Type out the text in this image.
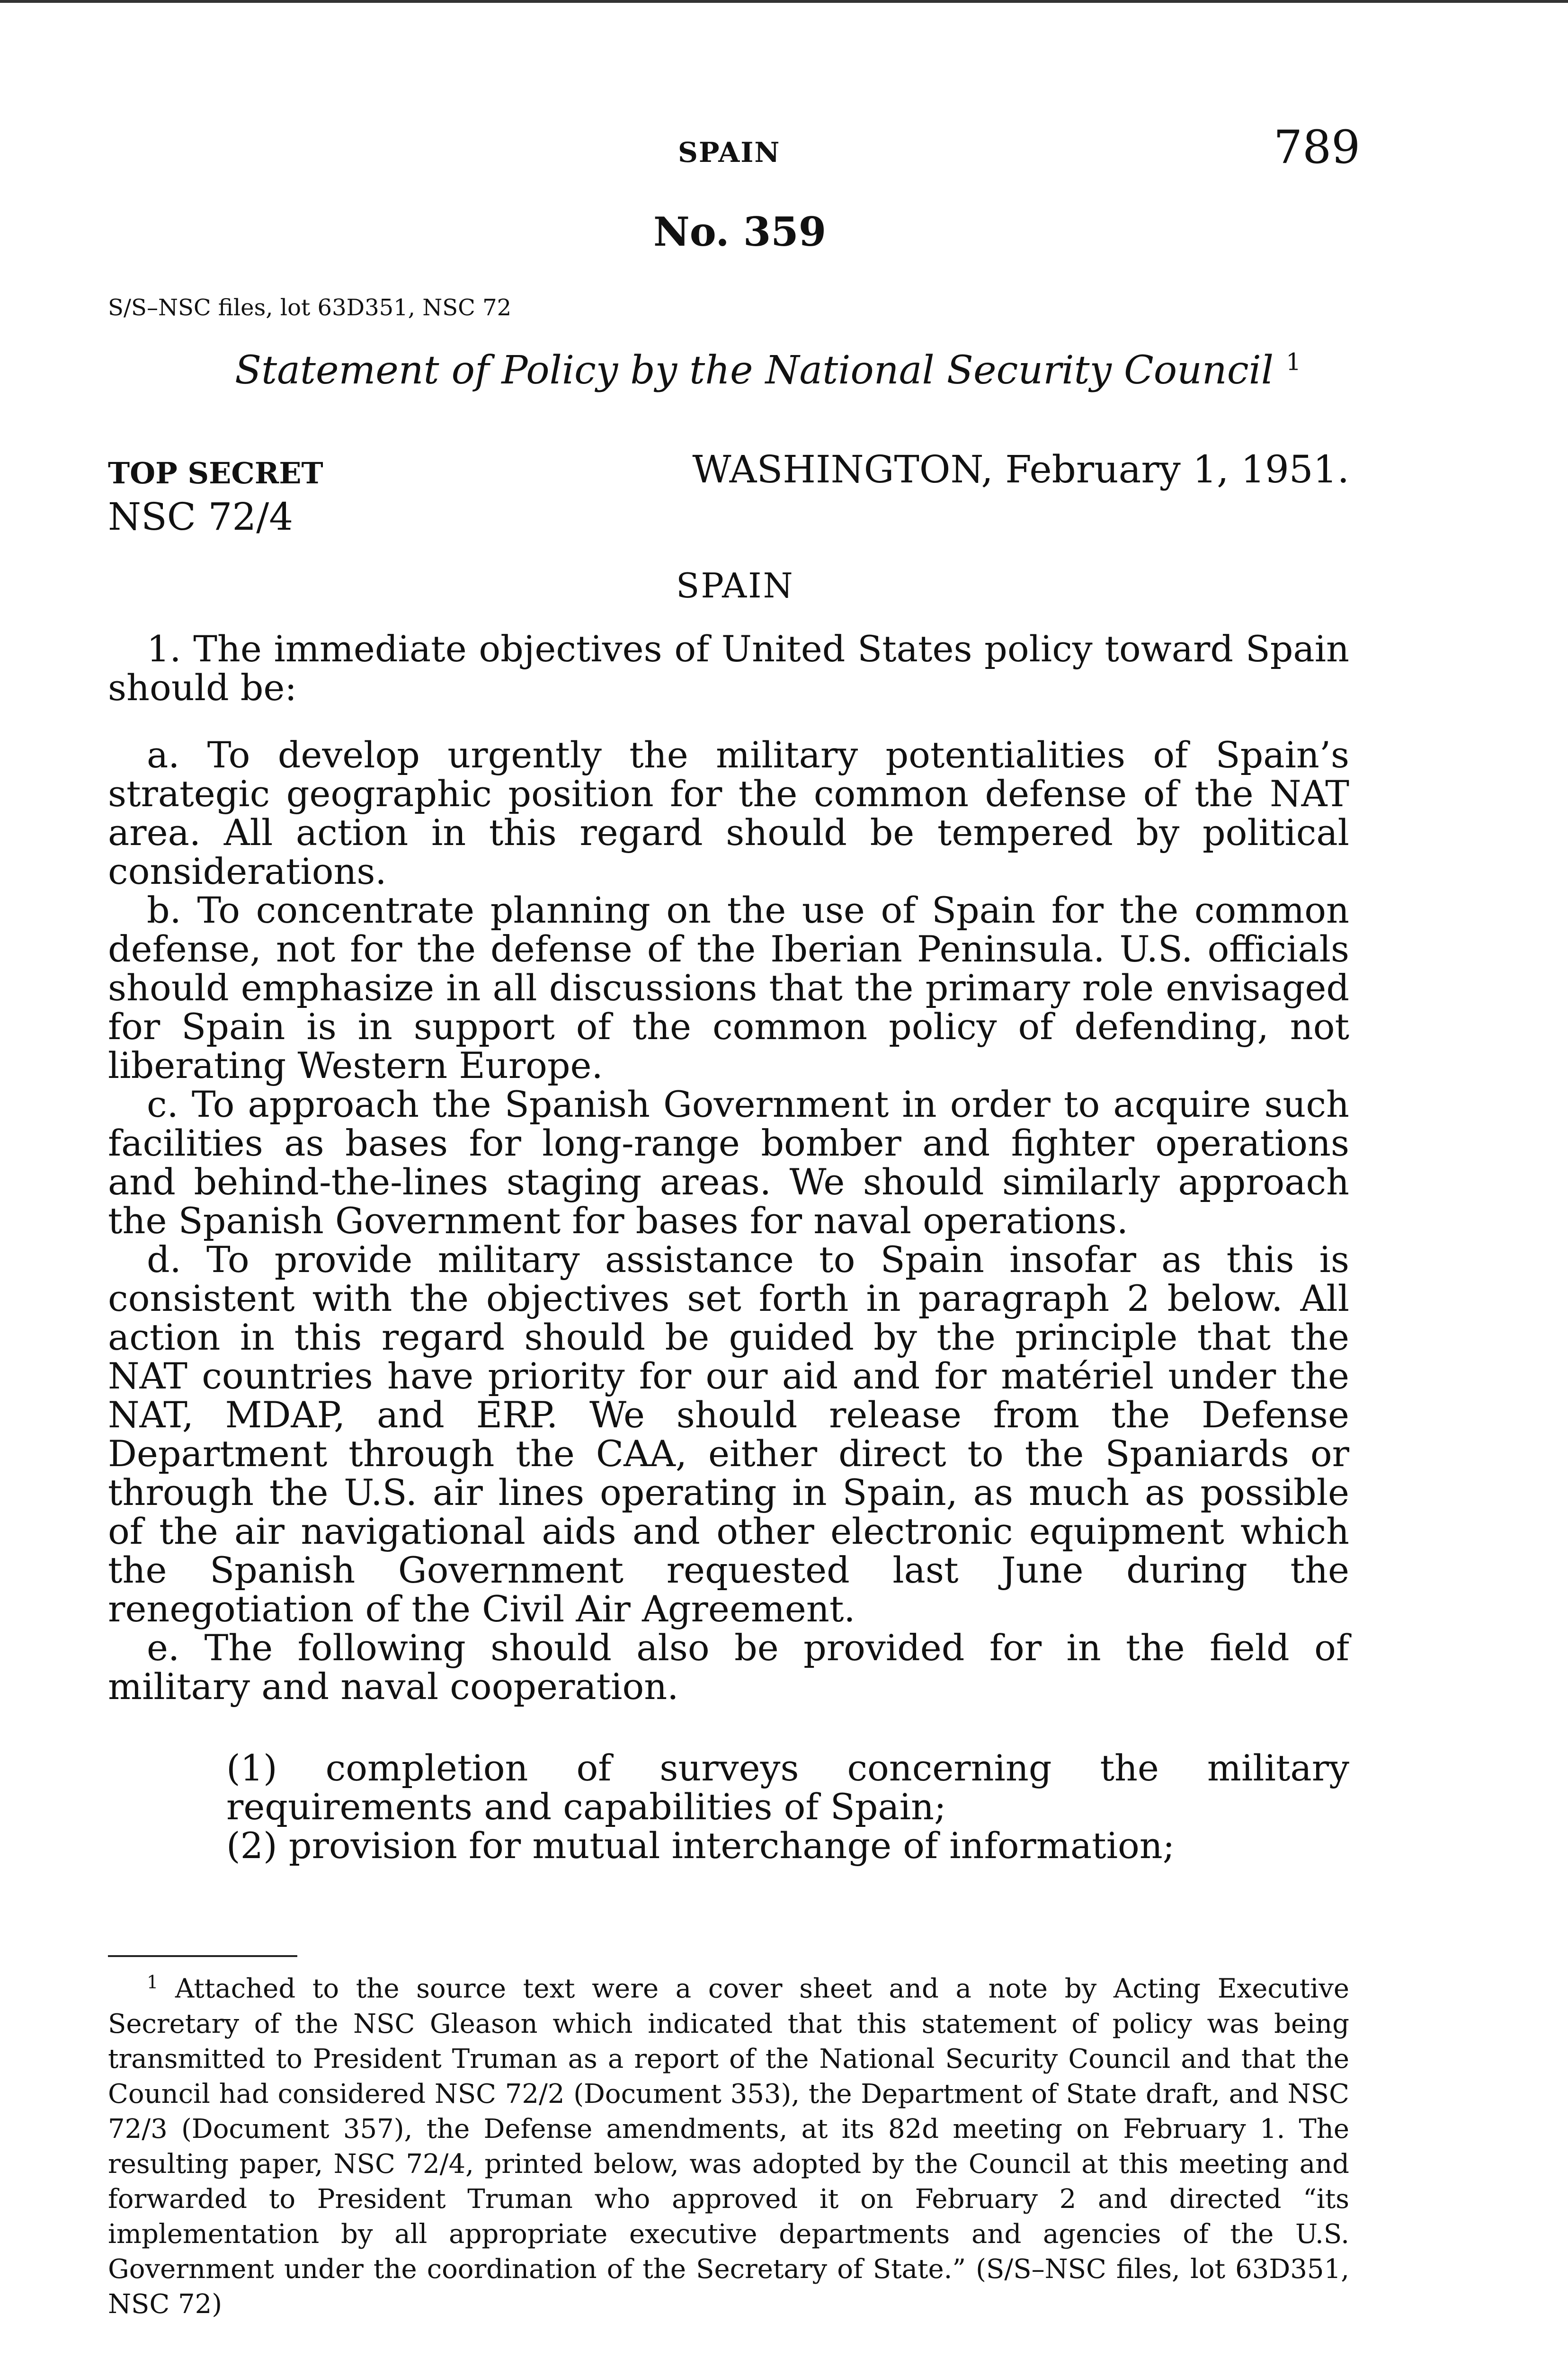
SPAIN	789
No. 359
S/S–NSC files, lot 63D351, NSC 72
Statement of Policy by the National Security Council $^1$
TOP SECRET	WASHINGTON, February 1, 1951.
NSC 72/4
SPAIN

1. The immediate objectives of United States policy toward Spain should be:

a. To develop urgently the military potentialities of Spain’s strategic geographic position for the common defense of the NAT area. All action in this regard should be tempered by political considerations.

b. To concentrate planning on the use of Spain for the common defense, not for the defense of the Iberian Peninsula. U.S. officials should emphasize in all discussions that the primary role envisaged for Spain is in support of the common policy of defending, not liberating Western Europe.

c. To approach the Spanish Government in order to acquire such facilities as bases for long-range bomber and fighter operations and behind-the-lines staging areas. We should similarly approach the Spanish Government for bases for naval operations.

d. To provide military assistance to Spain insofar as this is consistent with the objectives set forth in paragraph 2 below. All action in this regard should be guided by the principle that the NAT countries have priority for our aid and for matériel under the NAT, MDAP, and ERP. We should release from the Defense Department through the CAA, either direct to the Spaniards or through the U.S. air lines operating in Spain, as much as possible of the air navigational aids and other electronic equipment which the Spanish Government requested last June during the renegotiation of the Civil Air Agreement.

e. The following should also be provided for in the field of military and naval cooperation.

(1) completion of surveys concerning the military requirements and capabilities of Spain;

(2) provision for mutual interchange of information;

$^1$ Attached to the source text were a cover sheet and a note by Acting Executive Secretary of the NSC Gleason which indicated that this statement of policy was being transmitted to President Truman as a report of the National Security Council and that the Council had considered NSC 72/2 (Document 353), the Department of State draft, and NSC 72/3 (Document 357), the Defense amendments, at its 82d meeting on February 1. The resulting paper, NSC 72/4, printed below, was adopted by the Council at this meeting and forwarded to President Truman who approved it on February 2 and directed “its implementation by all appropriate executive departments and agencies of the U.S. Government under the coordination of the Secretary of State.” (S/S–NSC files, lot 63D351, NSC 72)
